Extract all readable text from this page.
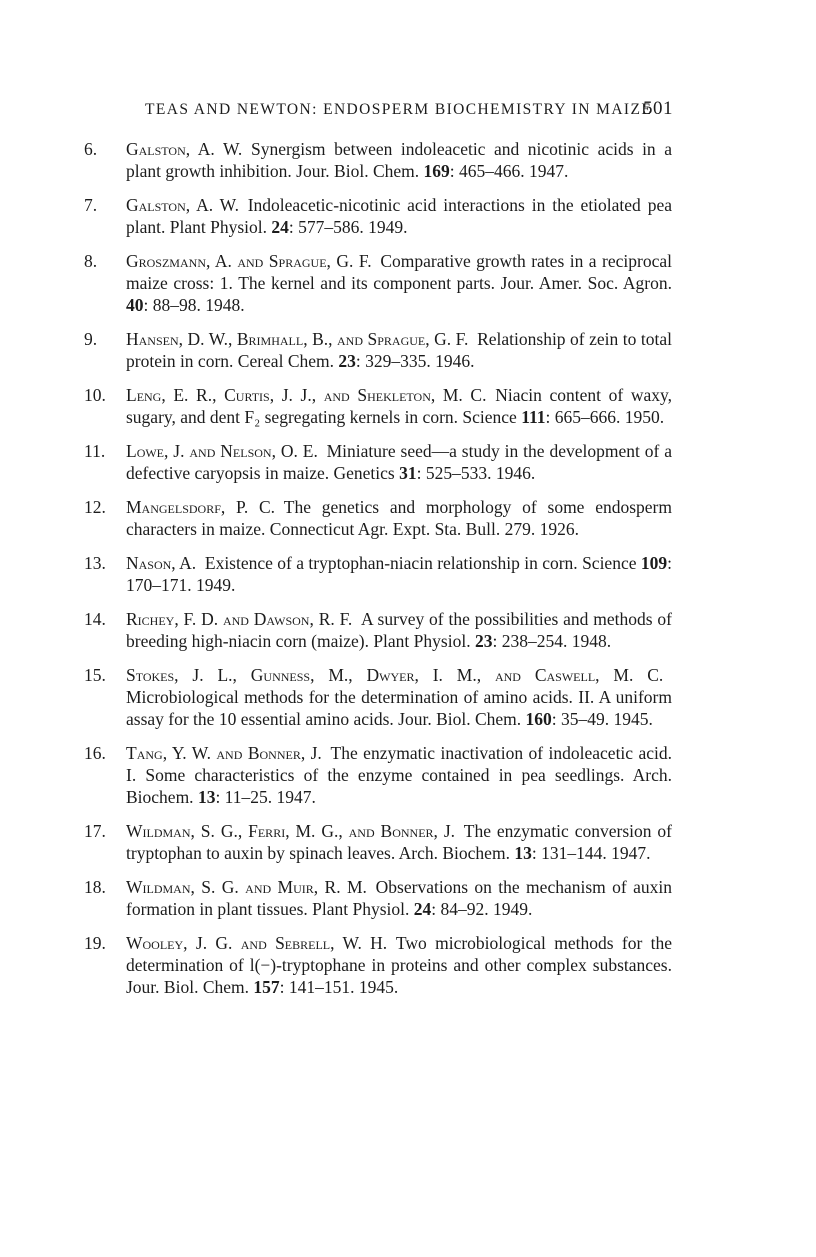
TEAS AND NEWTON: ENDOSPERM BIOCHEMISTRY IN MAIZE
501
6. Galston, A. W.  Synergism between indoleacetic and nicotinic acids in a plant growth inhibition. Jour. Biol. Chem. 169: 465–466. 1947.
7. Galston, A. W.  Indoleacetic-nicotinic acid interactions in the etiolated pea plant. Plant Physiol. 24: 577–586. 1949.
8. Groszmann, A. and Sprague, G. F.  Comparative growth rates in a reciprocal maize cross: 1. The kernel and its component parts. Jour. Amer. Soc. Agron. 40: 88–98. 1948.
9. Hansen, D. W., Brimhall, B., and Sprague, G. F.  Relationship of zein to total protein in corn. Cereal Chem. 23: 329–335. 1946.
10. Leng, E. R., Curtis, J. J., and Shekleton, M. C.  Niacin content of waxy, sugary, and dent F₂ segregating kernels in corn. Science 111: 665–666. 1950.
11. Lowe, J. and Nelson, O. E.  Miniature seed—a study in the development of a defective caryopsis in maize. Genetics 31: 525–533. 1946.
12. Mangelsdorf, P. C.  The genetics and morphology of some endosperm characters in maize. Connecticut Agr. Expt. Sta. Bull. 279. 1926.
13. Nason, A.  Existence of a tryptophan-niacin relationship in corn. Science 109: 170–171. 1949.
14. Richey, F. D. and Dawson, R. F.  A survey of the possibilities and methods of breeding high-niacin corn (maize). Plant Physiol. 23: 238–254. 1948.
15. Stokes, J. L., Gunness, M., Dwyer, I. M., and Caswell, M. C. Microbiological methods for the determination of amino acids. II. A uniform assay for the 10 essential amino acids. Jour. Biol. Chem. 160: 35–49. 1945.
16. Tang, Y. W. and Bonner, J.  The enzymatic inactivation of indoleacetic acid. I. Some characteristics of the enzyme contained in pea seedlings. Arch. Biochem. 13: 11–25. 1947.
17. Wildman, S. G., Ferri, M. G., and Bonner, J.  The enzymatic conversion of tryptophan to auxin by spinach leaves. Arch. Biochem. 13: 131–144. 1947.
18. Wildman, S. G. and Muir, R. M.  Observations on the mechanism of auxin formation in plant tissues. Plant Physiol. 24: 84–92. 1949.
19. Wooley, J. G. and Sebrell, W. H.  Two microbiological methods for the determination of l(−)-tryptophane in proteins and other complex substances. Jour. Biol. Chem. 157: 141–151. 1945.
